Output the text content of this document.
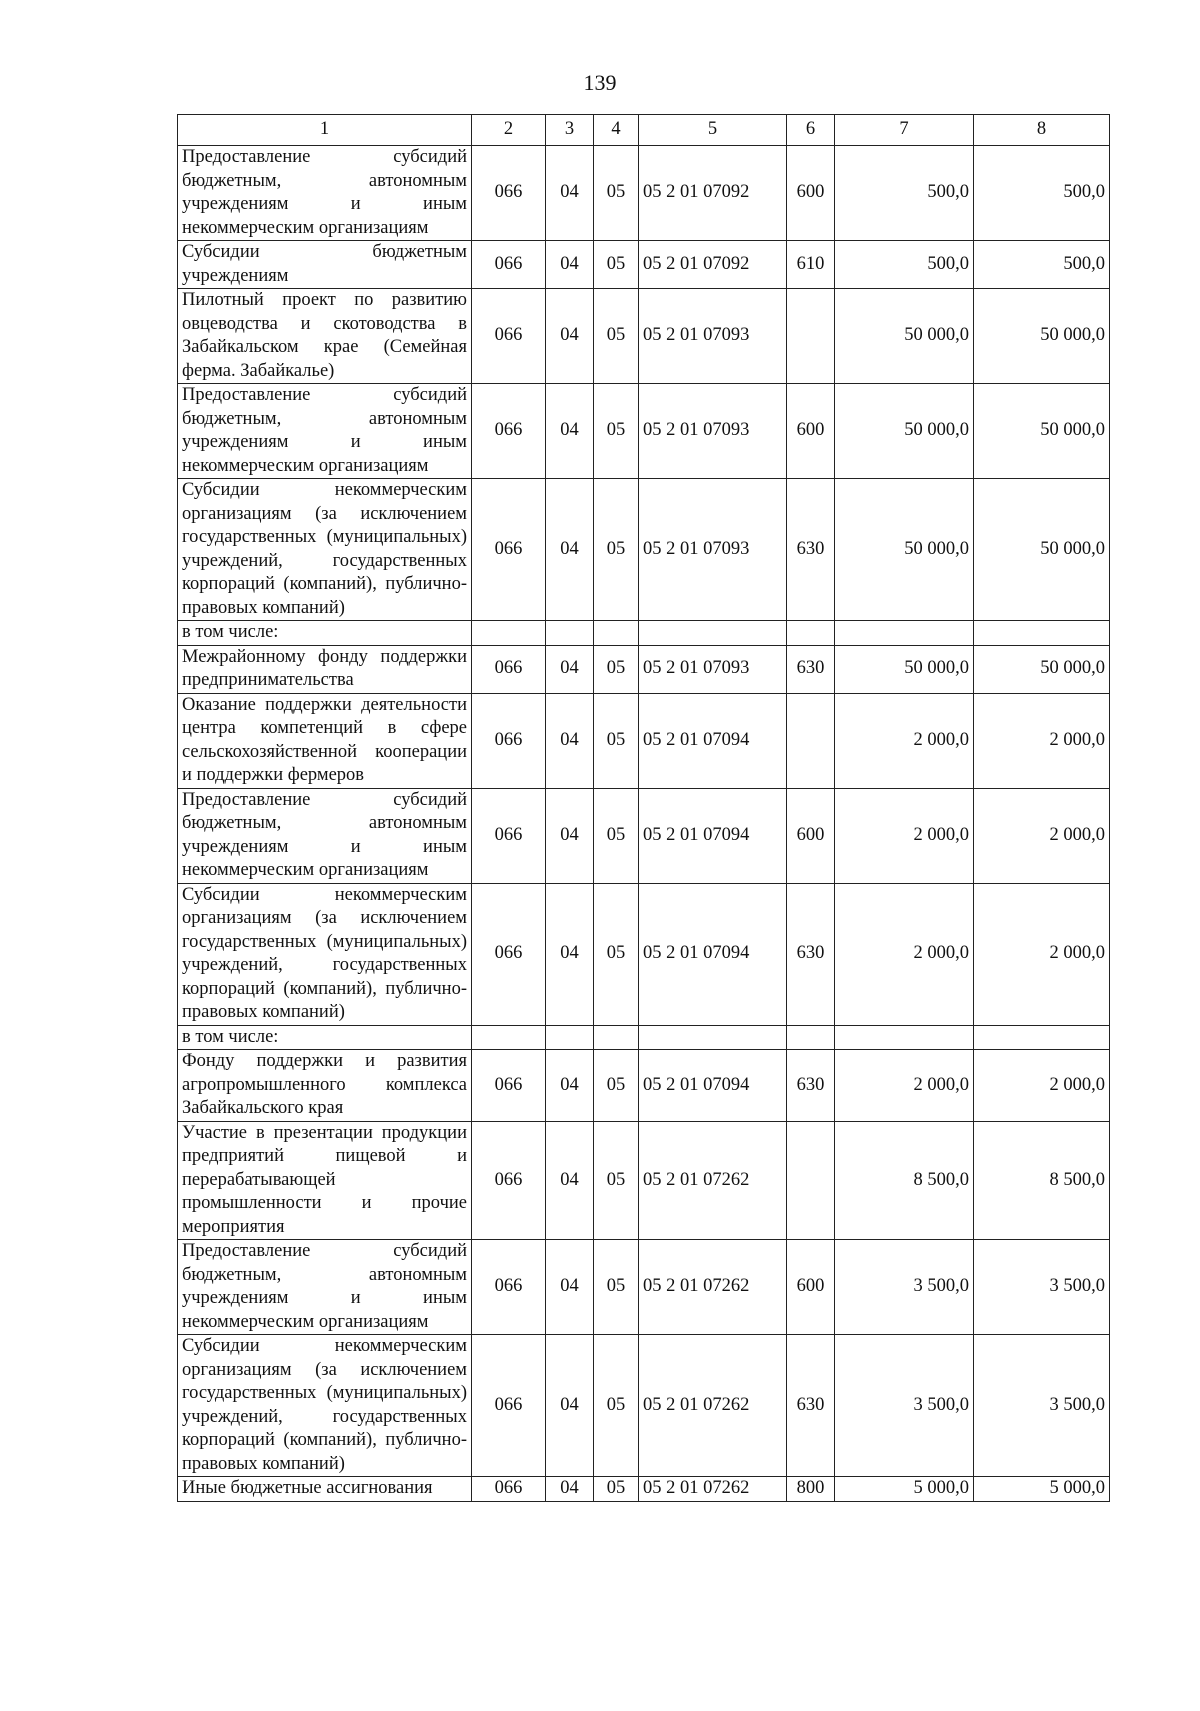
139
1	2	3	4	5	6	7	8
Предоставление субсидий бюджетным, автономным учреждениям и иным некоммерческим организациям	066	04	05	05 2 01 07092	600	500,0	500,0
Субсидии бюджетным учреждениям	066	04	05	05 2 01 07092	610	500,0	500,0
Пилотный проект по развитию овцеводства и скотоводства в Забайкальском крае (Семейная ферма. Забайкалье)	066	04	05	05 2 01 07093		50 000,0	50 000,0
Предоставление субсидий бюджетным, автономным учреждениям и иным некоммерческим организациям	066	04	05	05 2 01 07093	600	50 000,0	50 000,0
Субсидии некоммерческим организациям (за исключением государственных (муниципальных) учреждений, государственных корпораций (компаний), публично-правовых компаний)	066	04	05	05 2 01 07093	630	50 000,0	50 000,0
в том числе:							
Межрайонному фонду поддержки предпринимательства	066	04	05	05 2 01 07093	630	50 000,0	50 000,0
Оказание поддержки деятельности центра компетенций в сфере сельскохозяйственной кооперации и поддержки фермеров	066	04	05	05 2 01 07094		2 000,0	2 000,0
Предоставление субсидий бюджетным, автономным учреждениям и иным некоммерческим организациям	066	04	05	05 2 01 07094	600	2 000,0	2 000,0
Субсидии некоммерческим организациям (за исключением государственных (муниципальных) учреждений, государственных корпораций (компаний), публично-правовых компаний)	066	04	05	05 2 01 07094	630	2 000,0	2 000,0
в том числе:							
Фонду поддержки и развития агропромышленного комплекса Забайкальского края	066	04	05	05 2 01 07094	630	2 000,0	2 000,0
Участие в презентации продукции предприятий пищевой и перерабатывающей промышленности и прочие мероприятия	066	04	05	05 2 01 07262		8 500,0	8 500,0
Предоставление субсидий бюджетным, автономным учреждениям и иным некоммерческим организациям	066	04	05	05 2 01 07262	600	3 500,0	3 500,0
Субсидии некоммерческим организациям (за исключением государственных (муниципальных) учреждений, государственных корпораций (компаний), публично-правовых компаний)	066	04	05	05 2 01 07262	630	3 500,0	3 500,0
Иные бюджетные ассигнования	066	04	05	05 2 01 07262	800	5 000,0	5 000,0
